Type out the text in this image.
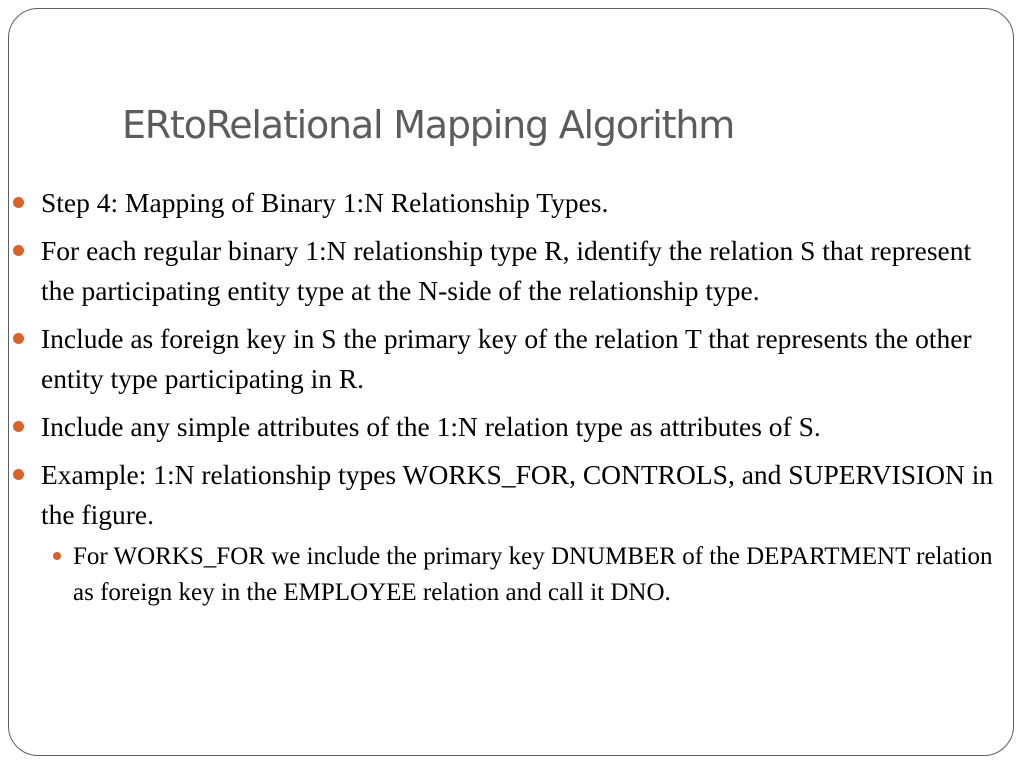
ERtoRelational Mapping Algorithm
Step 4: Mapping of Binary 1:N Relationship Types.
For each regular binary 1:N relationship type R, identify the relation S that represent the participating entity type at the N-side of the relationship type.
Include as foreign key in S the primary key of the relation T that represents the other entity type participating in R.
Include any simple attributes of the 1:N relation type as attributes of S.
Example: 1:N relationship types WORKS_FOR, CONTROLS, and SUPERVISION in the figure.
For WORKS_FOR we include the primary key DNUMBER of the DEPARTMENT relation as foreign key in the EMPLOYEE relation and call it DNO.
